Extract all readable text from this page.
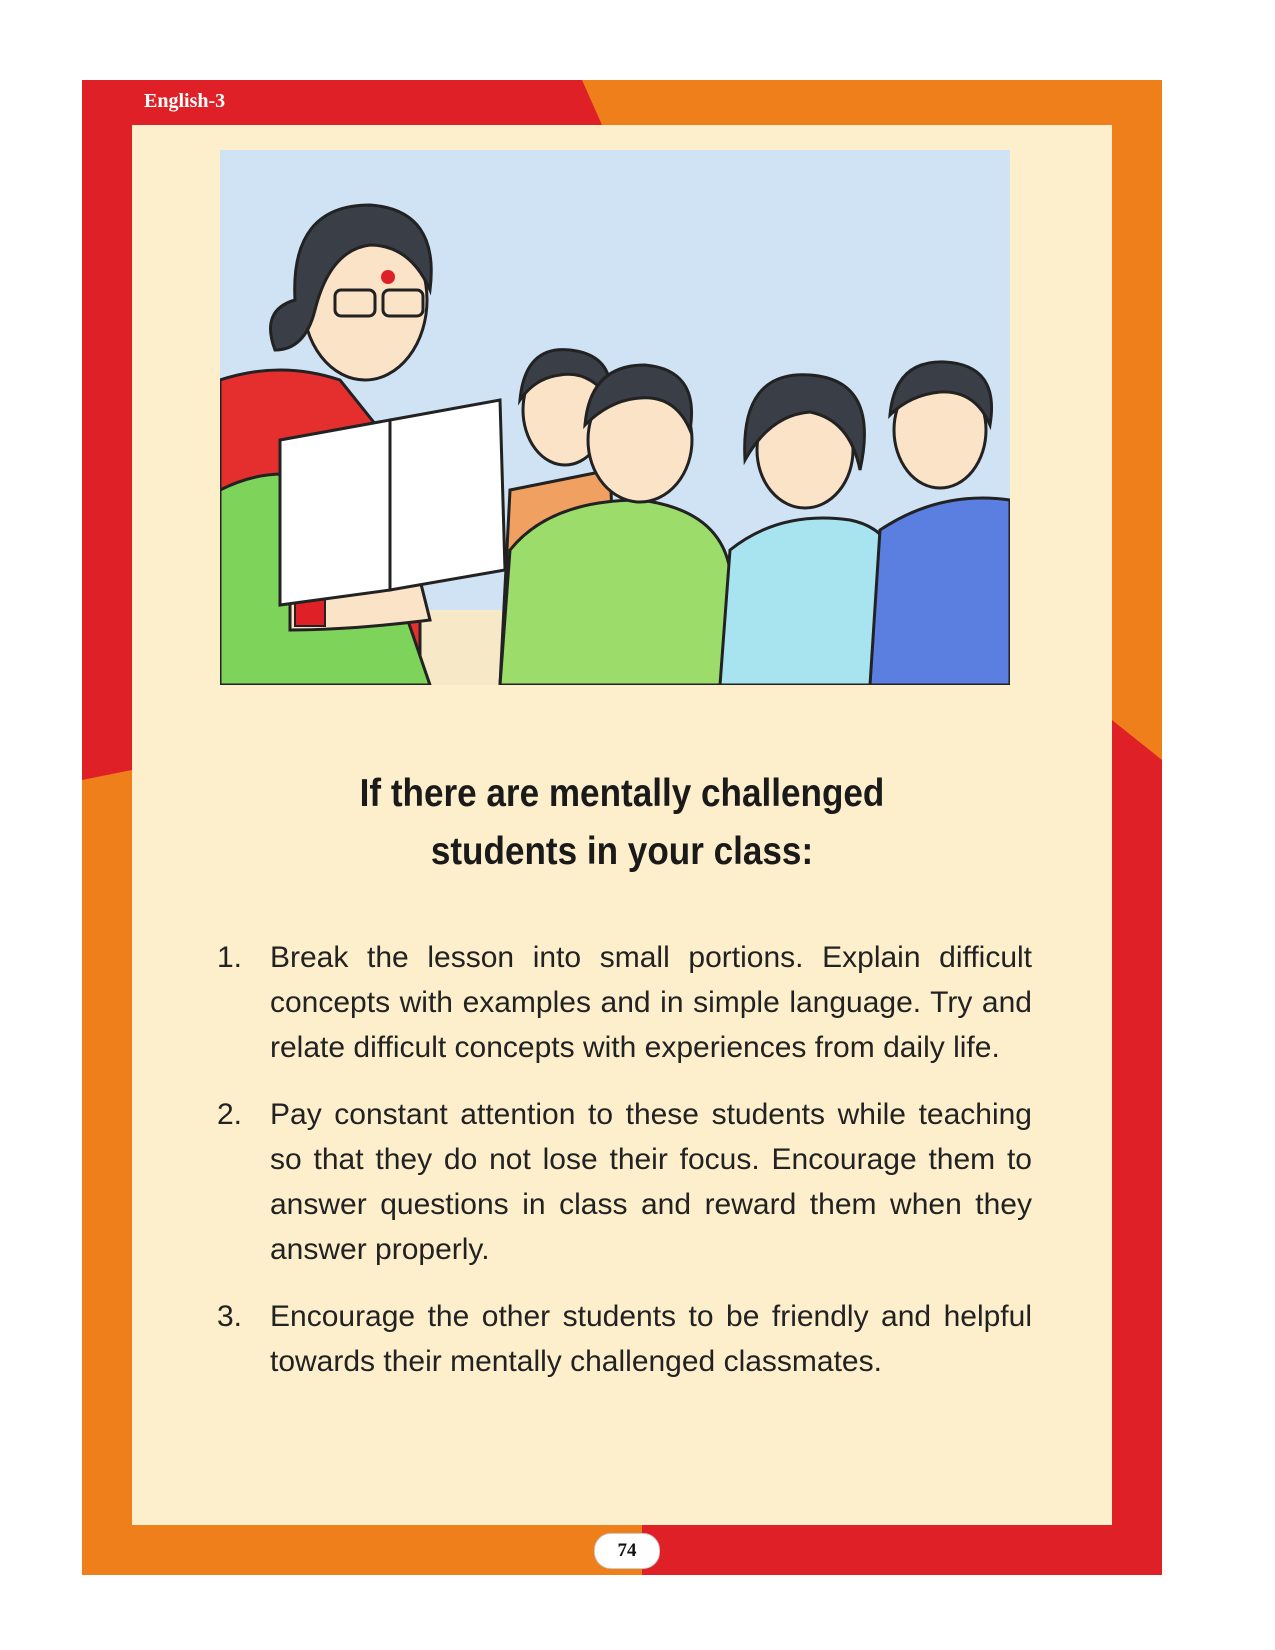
English-3
If there are mentally challenged
students in your class:
1. Break the lesson into small portions. Explain difficult concepts with examples and in simple language. Try and relate difficult concepts with experiences from daily life.
2. Pay constant attention to these students while teaching so that they do not lose their focus. Encourage them to answer questions in class and reward them when they answer properly.
3. Encourage the other students to be friendly and helpful towards their mentally challenged classmates.
74
